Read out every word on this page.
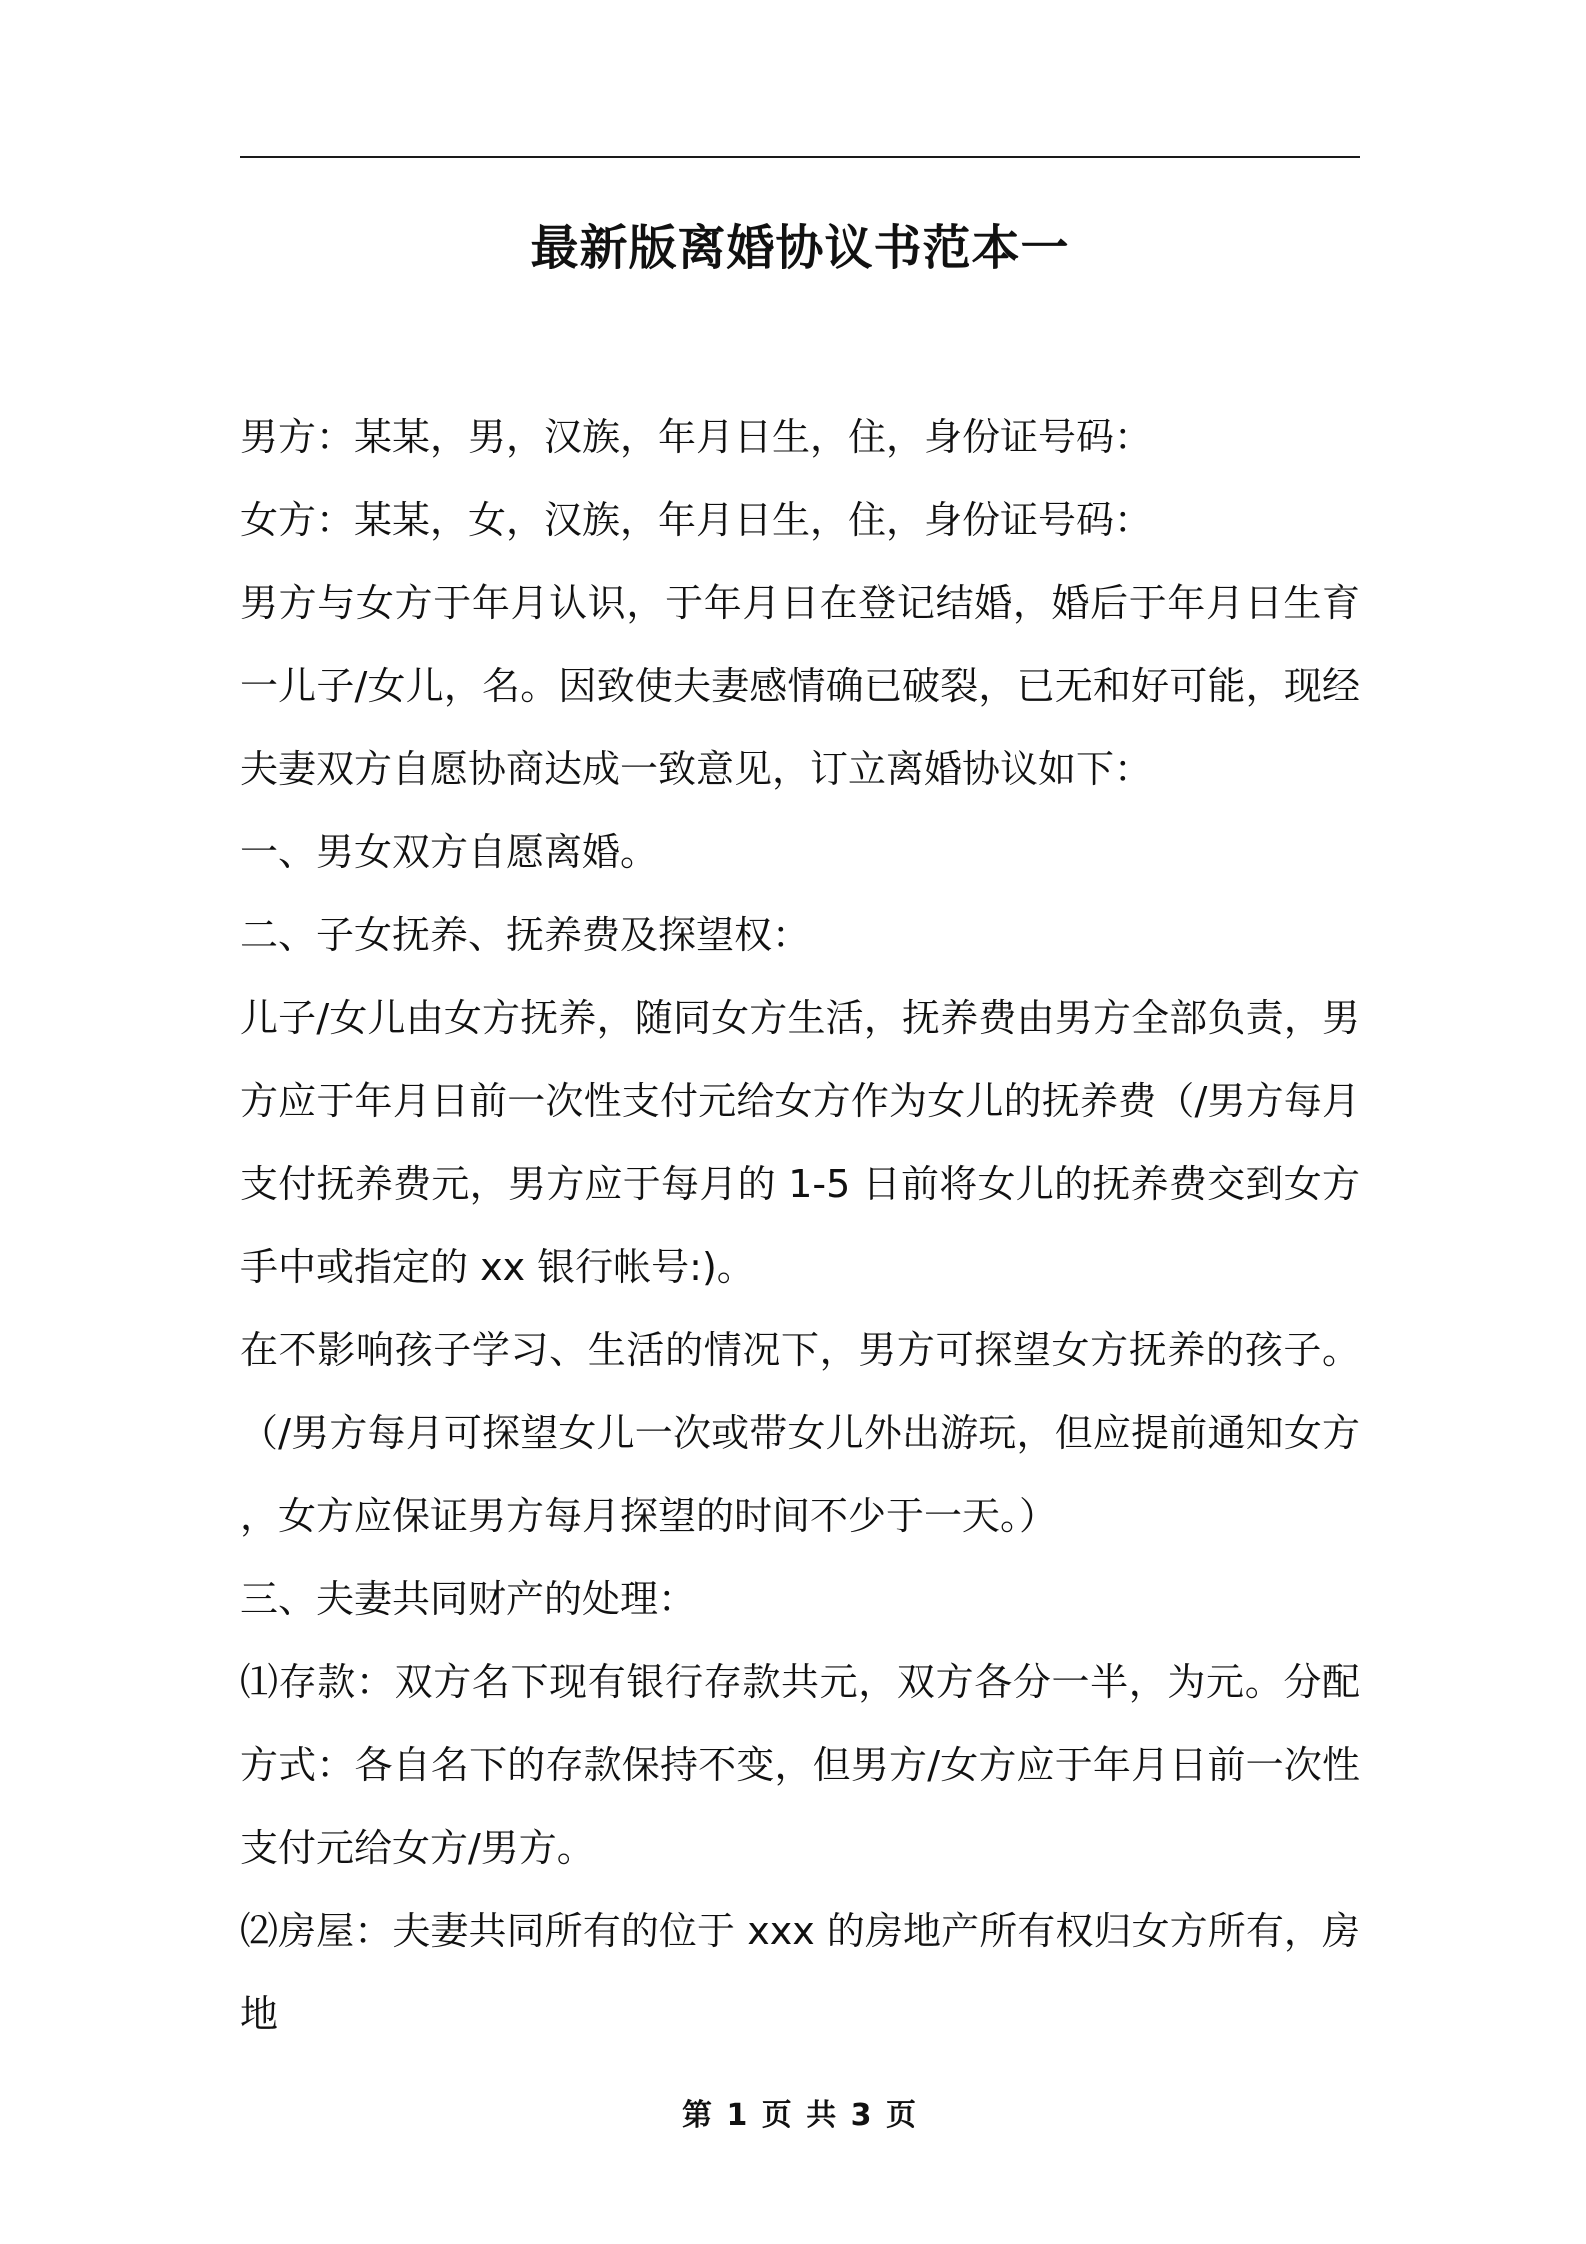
最新版离婚协议书范本一

男方：某某，男，汉族，年月日生，住，身份证号码：

女方：某某，女，汉族，年月日生，住，身份证号码：

男方与女方于年月认识，于年月日在登记结婚，婚后于年月日生育一儿子/女儿，名。因致使夫妻感情确已破裂，已无和好可能，现经夫妻双方自愿协商达成一致意见，订立离婚协议如下：

一、男女双方自愿离婚。

二、子女抚养、抚养费及探望权：

儿子/女儿由女方抚养，随同女方生活，抚养费由男方全部负责，男方应于年月日前一次性支付元给女方作为女儿的抚养费（/男方每月支付抚养费元，男方应于每月的 1-5 日前将女儿的抚养费交到女方手中或指定的 xx 银行帐号:)。

在不影响孩子学习、生活的情况下，男方可探望女方抚养的孩子。（/男方每月可探望女儿一次或带女儿外出游玩，但应提前通知女方，女方应保证男方每月探望的时间不少于一天。）

三、夫妻共同财产的处理：

⑴存款：双方名下现有银行存款共元，双方各分一半，为元。分配方式：各自名下的存款保持不变，但男方/女方应于年月日前一次性支付元给女方/男方。

⑵房屋：夫妻共同所有的位于 xxx 的房地产所有权归女方所有，房地

第 1 页 共 3 页
